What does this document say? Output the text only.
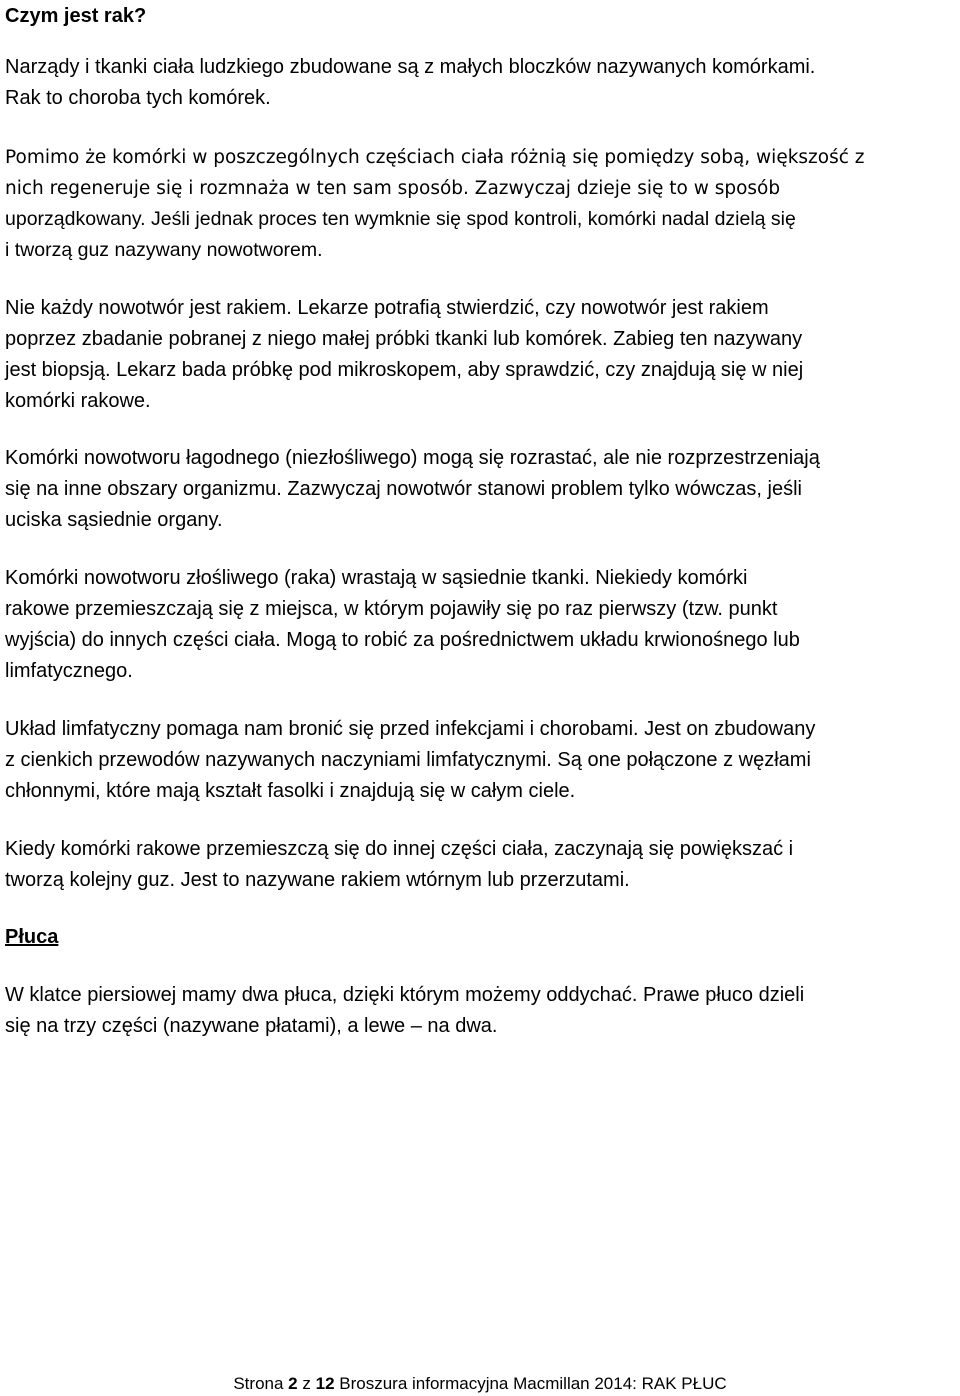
Czym jest rak?

Narządy i tkanki ciała ludzkiego zbudowane są z małych bloczków nazywanych komórkami.
Rak to choroba tych komórek.

Pomimo że komórki w poszczególnych częściach ciała różnią się pomiędzy sobą, większość z
nich regeneruje się i rozmnaża w ten sam sposób. Zazwyczaj dzieje się to w sposób
uporządkowany. Jeśli jednak proces ten wymknie się spod kontroli, komórki nadal dzielą się
i tworzą guz nazywany nowotworem.

Nie każdy nowotwór jest rakiem. Lekarze potrafią stwierdzić, czy nowotwór jest rakiem
poprzez zbadanie pobranej z niego małej próbki tkanki lub komórek. Zabieg ten nazywany
jest biopsją. Lekarz bada próbkę pod mikroskopem, aby sprawdzić, czy znajdują się w niej
komórki rakowe.

Komórki nowotworu łagodnego (niezłośliwego) mogą się rozrastać, ale nie rozprzestrzeniają
się na inne obszary organizmu. Zazwyczaj nowotwór stanowi problem tylko wówczas, jeśli
uciska sąsiednie organy.

Komórki nowotworu złośliwego (raka) wrastają w sąsiednie tkanki. Niekiedy komórki
rakowe przemieszczają się z miejsca, w którym pojawiły się po raz pierwszy (tzw. punkt
wyjścia) do innych części ciała. Mogą to robić za pośrednictwem układu krwionośnego lub
limfatycznego.

Układ limfatyczny pomaga nam bronić się przed infekcjami i chorobami. Jest on zbudowany
z cienkich przewodów nazywanych naczyniami limfatycznymi. Są one połączone z węzłami
chłonnymi, które mają kształt fasolki i znajdują się w całym ciele.

Kiedy komórki rakowe przemieszczą się do innej części ciała, zaczynają się powiększać i
tworzą kolejny guz. Jest to nazywane rakiem wtórnym lub przerzutami.

Płuca

W klatce piersiowej mamy dwa płuca, dzięki którym możemy oddychać. Prawe płuco dzieli
się na trzy części (nazywane płatami), a lewe – na dwa.

Strona 2 z 12 Broszura informacyjna Macmillan 2014: RAK PŁUC
